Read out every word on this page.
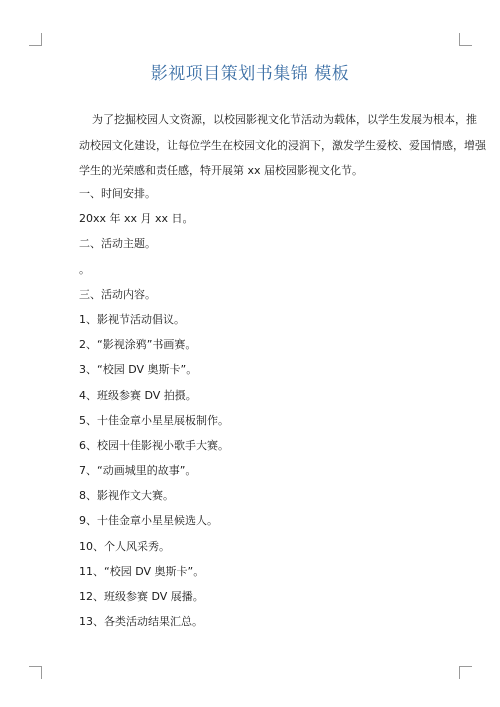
影视项目策划书集锦 模板
为了挖掘校园人文资源，以校园影视文化节活动为载体，以学生发展为根本，推
动校园文化建设，让每位学生在校园文化的浸润下，激发学生爱校、爱国情感，增强
学生的光荣感和责任感，特开展第 xx 届校园影视文化节。
一、时间安排。
20xx 年 xx 月 xx 日。
二、活动主题。
。
三、活动内容。
1、影视节活动倡议。
2、“影视涂鸦”书画赛。
3、“校园 DV 奥斯卡”。
4、班级参赛 DV 拍摄。
5、十佳金章小星星展板制作。
6、校园十佳影视小歌手大赛。
7、“动画城里的故事”。
8、影视作文大赛。
9、十佳金章小星星候选人。
10、个人风采秀。
11、“校园 DV 奥斯卡”。
12、班级参赛 DV 展播。
13、各类活动结果汇总。
